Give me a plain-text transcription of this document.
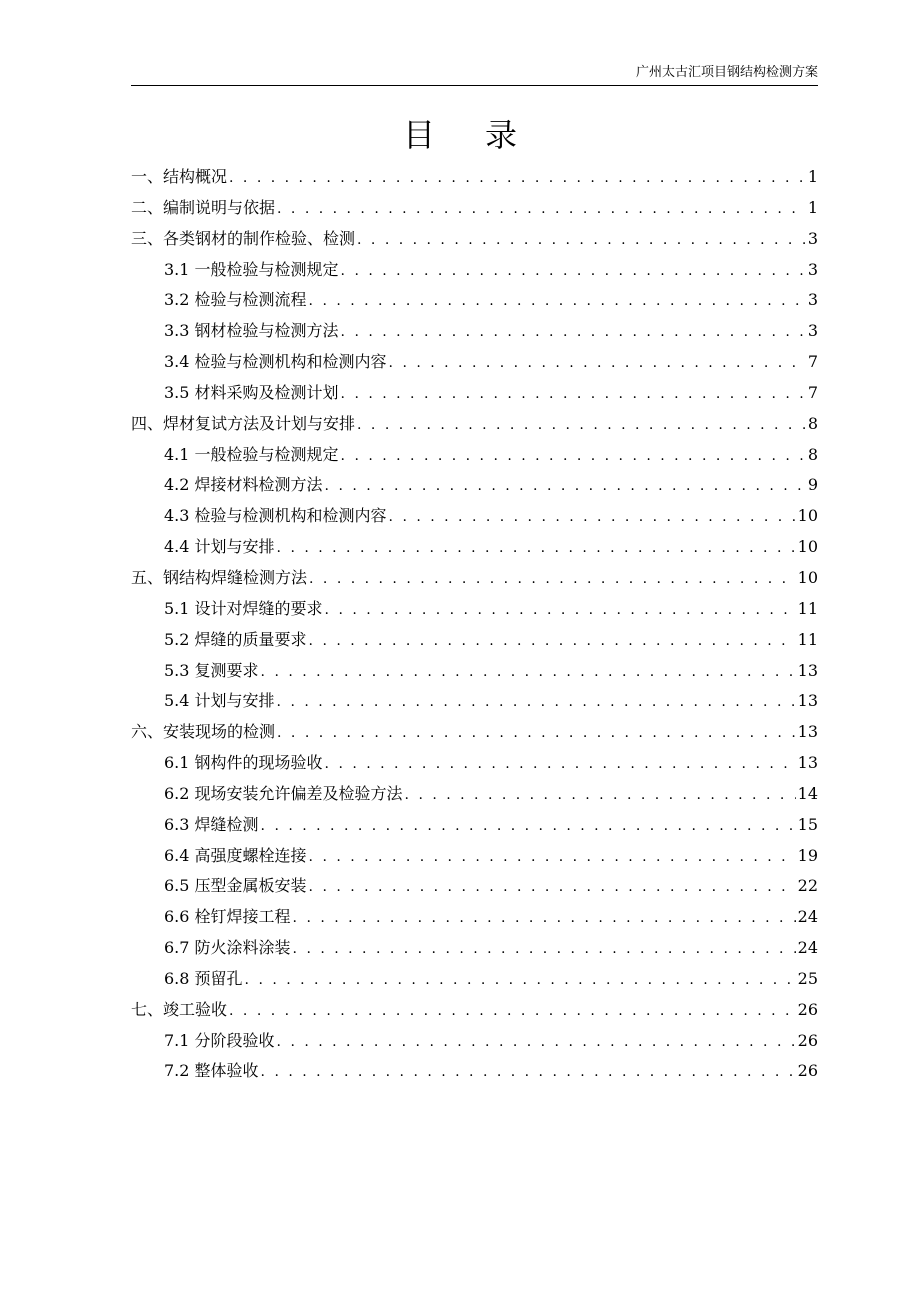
广州太古汇项目钢结构检测方案
目 录
一、结构概况 . . .	1
二、编制说明与依据 . . .	1
三、各类钢材的制作检验、检测 . . .	3
3.1 一般检验与检测规定 . . .	3
3.2 检验与检测流程 . . .	3
3.3 钢材检验与检测方法 . . .	3
3.4 检验与检测机构和检测内容 . . .	7
3.5 材料采购及检测计划 . . .	7
四、焊材复试方法及计划与安排 . . .	8
4.1 一般检验与检测规定 . . .	8
4.2 焊接材料检测方法 . . .	9
4.3 检验与检测机构和检测内容 . . .	10
4.4 计划与安排 . . .	10
五、钢结构焊缝检测方法 . . .	10
5.1 设计对焊缝的要求 . . .	11
5.2 焊缝的质量要求 . . .	11
5.3 复测要求 . . .	13
5.4 计划与安排 . . .	13
六、安装现场的检测 . . .	13
6.1 钢构件的现场验收 . . .	13
6.2 现场安装允许偏差及检验方法 . . .	14
6.3 焊缝检测 . . .	15
6.4 高强度螺栓连接 . . .	19
6.5 压型金属板安装 . . .	22
6.6 栓钉焊接工程 . . .	24
6.7 防火涂料涂装 . . .	24
6.8 预留孔 . . .	25
七、竣工验收 . . .	26
7.1 分阶段验收 . . .	26
7.2 整体验收 . . .	26
